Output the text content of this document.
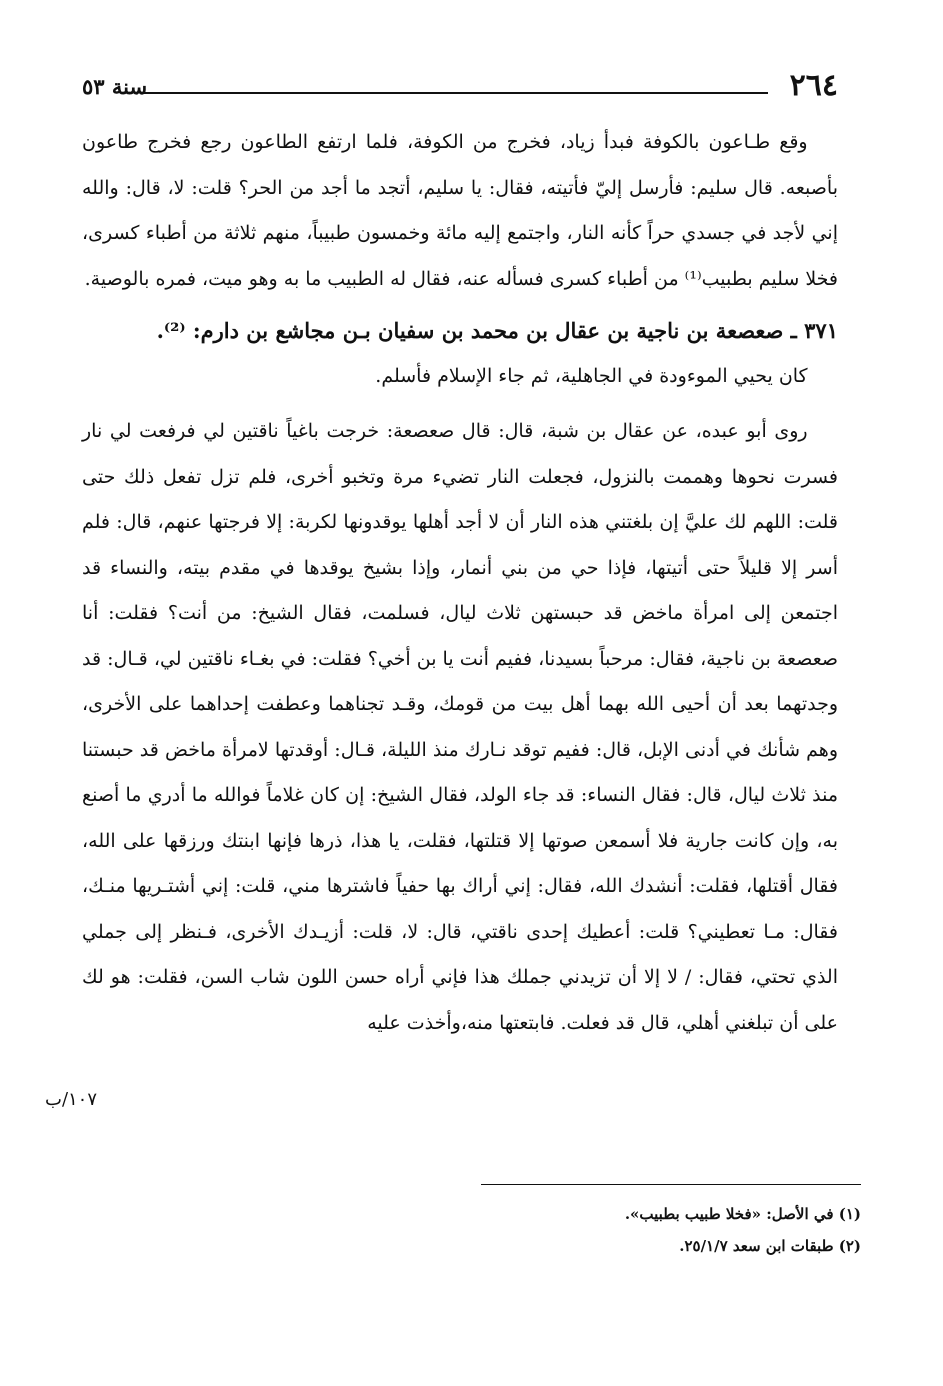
٢٦٤
سنة ٥٣

وقع طـاعون بالكوفة فبدأ زياد، فخرج من الكوفة، فلما ارتفع الطاعون رجع فخرج طاعون بأصبعه. قال سليم: فأرسل إليّ فأتيته، فقال: يا سليم، أتجد ما أجد من الحر؟ قلت: لا، قال: والله إني لأجد في جسدي حراً كأنه النار، واجتمع إليه مائة وخمسون طبيباً، منهم ثلاثة من أطباء كسرى، فخلا سليم بطبيب⁽¹⁾ من أطباء كسرى فسأله عنه، فقال له الطبيب ما به وهو ميت، فمره بالوصية.

٣٧١ ـ صعصعة بن ناجية بن عقال بن محمد بن سفيان بـن مجاشع بن دارم: ⁽²⁾.

كان يحيي الموءودة في الجاهلية، ثم جاء الإسلام فأسلم.

روى أبو عبده، عن عقال بن شبة، قال: قال صعصعة: خرجت باغياً ناقتين لي فرفعت لي نار فسرت نحوها وهممت بالنزول، فجعلت النار تضيء مرة وتخبو أخرى، فلم تزل تفعل ذلك حتى قلت: اللهم لك عليَّ إن بلغتني هذه النار أن لا أجد أهلها يوقدونها لكربة: إلا فرجتها عنهم، قال: فلم أسر إلا قليلاً حتى أتيتها، فإذا حي من بني أنمار، وإذا بشيخ يوقدها في مقدم بيته، والنساء قد اجتمعن إلى امرأة ماخض قد حبستهن ثلاث ليال، فسلمت، فقال الشيخ: من أنت؟ فقلت: أنا صعصعة بن ناجية، فقال: مرحباً بسيدنا، ففيم أنت يا بن أخي؟ فقلت: في بغـاء ناقتين لي، قـال: قد وجدتهما بعد أن أحيى الله بهما أهل بيت من قومك، وقـد تجناهما وعطفت إحداهما على الأخرى، وهم شأنك في أدنى الإبل، قال: ففيم توقد نـارك منذ الليلة، قـال: أوقدتها لامرأة ماخض قد حبستنا منذ ثلاث ليال، قال: فقال النساء: قد جاء الولد، فقال الشيخ: إن كان غلاماً فوالله ما أدري ما أصنع به، وإن كانت جارية فلا أسمعن صوتها إلا قتلتها، فقلت، يا هذا، ذرها فإنها ابنتك ورزقها على الله، فقال أقتلها، فقلت: أنشدك الله، فقال: إني أراك بها حفياً فاشترها مني، قلت: إني أشتـريها منـك، فقال: مـا تعطيني؟ قلت: أعطيك إحدى ناقتي، قال: لا، قلت: أزيـدك الأخرى، فـنظر إلى جملي الذي تحتي، فقال: / لا إلا أن تزيدني جملك هذا فإني أراه حسن اللون شاب السن، فقلت: هو لك على أن تبلغني أهلي، قال قد فعلت. فابتعتها منه،وأخذت عليه

١٠٧/ب
(١) في الأصل: «فخلا طبيب بطبيب».
(٢) طبقات ابن سعد ٢٥/١/٧.
